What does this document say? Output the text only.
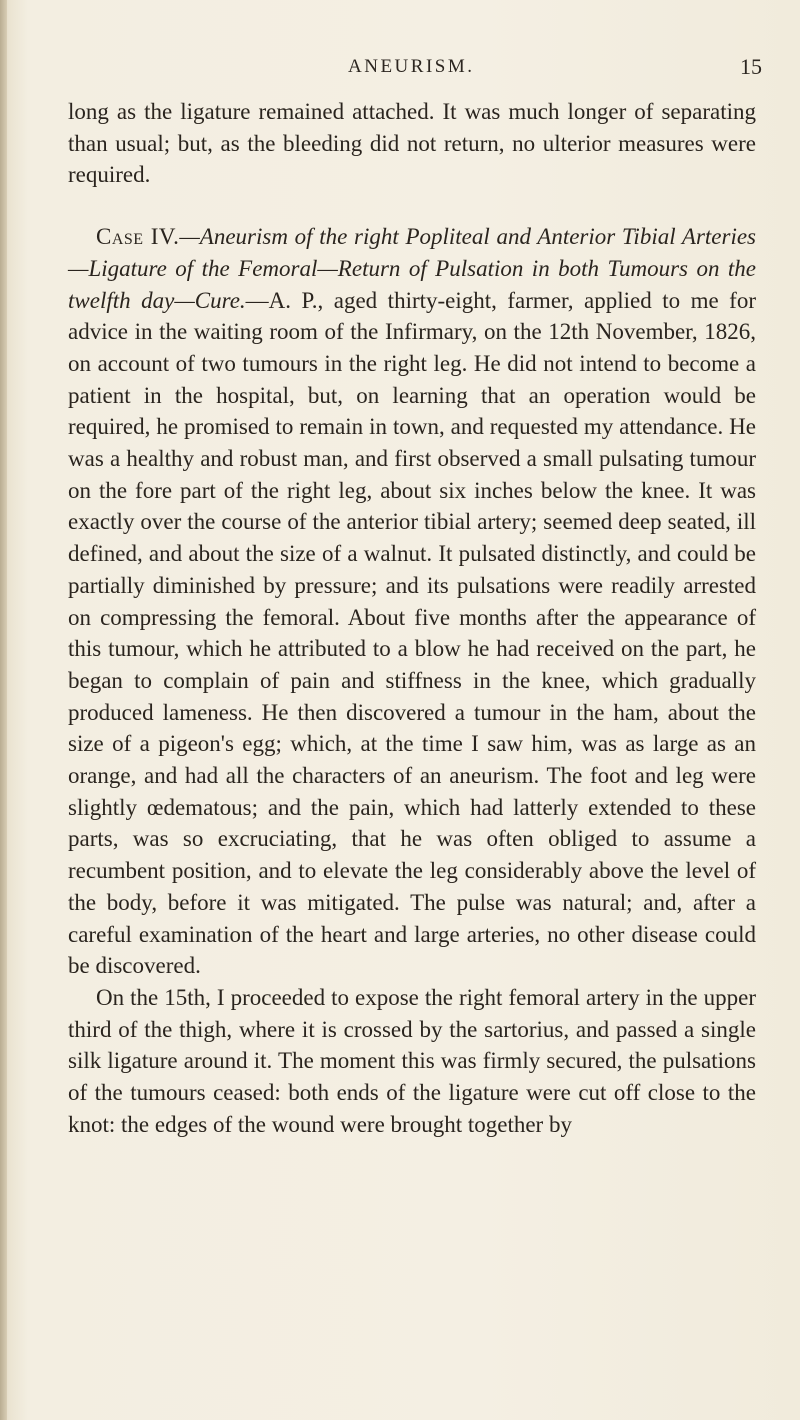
ANEURISM.	15

long as the ligature remained attached. It was much longer of separating than usual; but, as the bleeding did not return, no ulterior measures were required.

Case IV.—Aneurism of the right Popliteal and Anterior Tibial Arteries—Ligature of the Femoral—Return of Pulsation in both Tumours on the twelfth day—Cure.—A. P., aged thirty-eight, farmer, applied to me for advice in the waiting room of the Infirmary, on the 12th November, 1826, on account of two tumours in the right leg. He did not intend to become a patient in the hospital, but, on learning that an operation would be required, he promised to remain in town, and requested my attendance. He was a healthy and robust man, and first observed a small pulsating tumour on the fore part of the right leg, about six inches below the knee. It was exactly over the course of the anterior tibial artery; seemed deep seated, ill defined, and about the size of a walnut. It pulsated distinctly, and could be partially diminished by pressure; and its pulsations were readily arrested on compressing the femoral. About five months after the appearance of this tumour, which he attributed to a blow he had received on the part, he began to complain of pain and stiffness in the knee, which gradually produced lameness. He then discovered a tumour in the ham, about the size of a pigeon's egg; which, at the time I saw him, was as large as an orange, and had all the characters of an aneurism. The foot and leg were slightly œdematous; and the pain, which had latterly extended to these parts, was so excruciating, that he was often obliged to assume a recumbent position, and to elevate the leg considerably above the level of the body, before it was mitigated. The pulse was natural; and, after a careful examination of the heart and large arteries, no other disease could be discovered.

On the 15th, I proceeded to expose the right femoral artery in the upper third of the thigh, where it is crossed by the sartorius, and passed a single silk ligature around it. The moment this was firmly secured, the pulsations of the tumours ceased: both ends of the ligature were cut off close to the knot: the edges of the wound were brought together by
